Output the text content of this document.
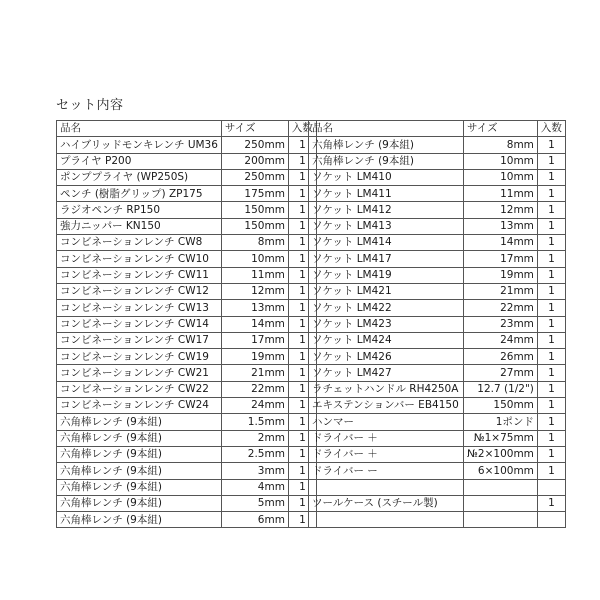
セット内容
品名	サイズ	入数
ハイブリッドモンキレンチ UM36	250mm	1
プライヤ P200	200mm	1
ポンププライヤ (WP250S)	250mm	1
ペンチ (樹脂グリップ) ZP175	175mm	1
ラジオペンチ RP150	150mm	1
強力ニッパー KN150	150mm	1
コンビネーションレンチ CW8	8mm	1
コンビネーションレンチ CW10	10mm	1
コンビネーションレンチ CW11	11mm	1
コンビネーションレンチ CW12	12mm	1
コンビネーションレンチ CW13	13mm	1
コンビネーションレンチ CW14	14mm	1
コンビネーションレンチ CW17	17mm	1
コンビネーションレンチ CW19	19mm	1
コンビネーションレンチ CW21	21mm	1
コンビネーションレンチ CW22	22mm	1
コンビネーションレンチ CW24	24mm	1
六角棒レンチ (9本組)	1.5mm	1
六角棒レンチ (9本組)	2mm	1
六角棒レンチ (9本組)	2.5mm	1
六角棒レンチ (9本組)	3mm	1
六角棒レンチ (9本組)	4mm	1
六角棒レンチ (9本組)	5mm	1
六角棒レンチ (9本組)	6mm	1
品名	サイズ	入数
六角棒レンチ (9本組)	8mm	1
六角棒レンチ (9本組)	10mm	1
ソケット LM410	10mm	1
ソケット LM411	11mm	1
ソケット LM412	12mm	1
ソケット LM413	13mm	1
ソケット LM414	14mm	1
ソケット LM417	17mm	1
ソケット LM419	19mm	1
ソケット LM421	21mm	1
ソケット LM422	22mm	1
ソケット LM423	23mm	1
ソケット LM424	24mm	1
ソケット LM426	26mm	1
ソケット LM427	27mm	1
ラチェットハンドル RH4250A	12.7 (1/2")	1
エキステンションバー EB4150	150mm	1
ハンマー	1ポンド	1
ドライバー ＋	№1×75mm	1
ドライバー ＋	№2×100mm	1
ドライバー ー	6×100mm	1

ツールケース (スチール製)		1
